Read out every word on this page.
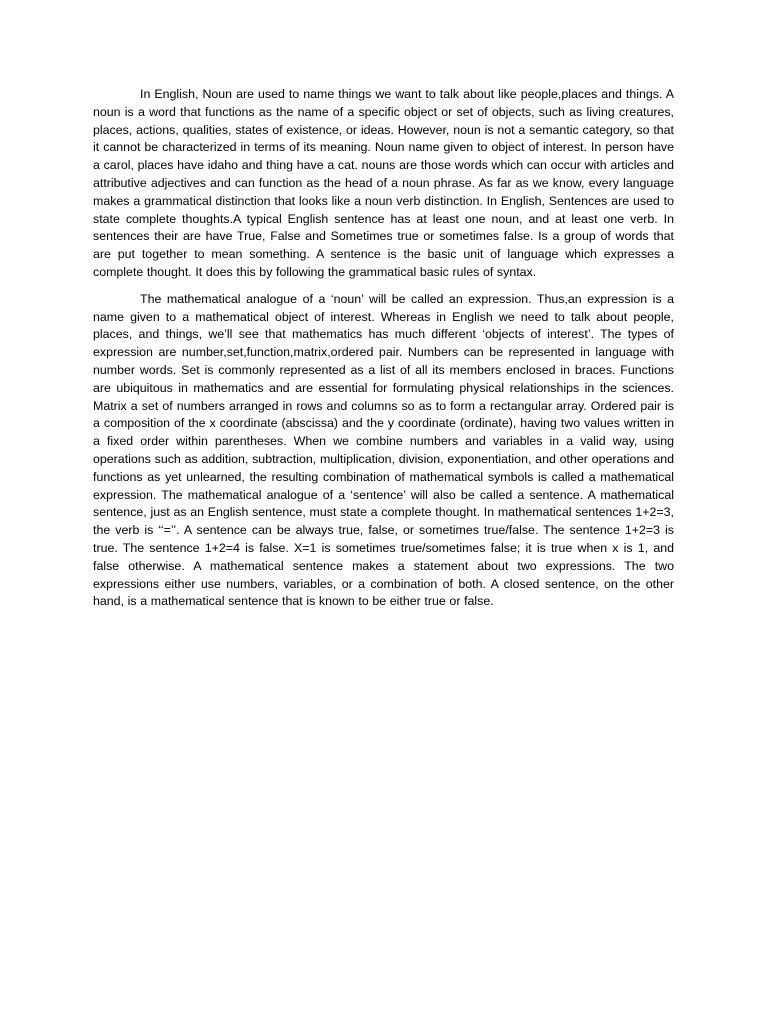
In English, Noun are used to name things we want to talk about like people,places and things. A noun is a word that functions as the name of a specific object or set of objects, such as living creatures, places, actions, qualities, states of existence, or ideas. However, noun is not a semantic category, so that it cannot be characterized in terms of its meaning. Noun name given to object of interest. In person have a carol, places have idaho and thing have a cat. nouns are those words which can occur with articles and attributive adjectives and can function as the head of a noun phrase. As far as we know, every language makes a grammatical distinction that looks like a noun verb distinction. In English, Sentences are used to state complete thoughts.A typical English sentence has at least one noun, and at least one verb. In sentences their are have True, False and Sometimes true or sometimes false. Is a group of words that are put together to mean something. A sentence is the basic unit of language which expresses a complete thought. It does this by following the grammatical basic rules of syntax.

The mathematical analogue of a ‘noun’ will be called an expression. Thus,an expression is a name given to a mathematical object of interest. Whereas in English we need to talk about people, places, and things, we’ll see that mathematics has much different ‘objects of interest’. The types of expression are number,set,function,matrix,ordered pair. Numbers can be represented in language with number words. Set is commonly represented as a list of all its members enclosed in braces. Functions are ubiquitous in mathematics and are essential for formulating physical relationships in the sciences. Matrix a set of numbers arranged in rows and columns so as to form a rectangular array. Ordered pair is a composition of the x coordinate (abscissa) and the y coordinate (ordinate), having two values written in a fixed order within parentheses. When we combine numbers and variables in a valid way, using operations such as addition, subtraction, multiplication, division, exponentiation, and other operations and functions as yet unlearned, the resulting combination of mathematical symbols is called a mathematical expression. The mathematical analogue of a ‘sentence’ will also be called a sentence. A mathematical sentence, just as an English sentence, must state a complete thought. In mathematical sentences 1+2=3, the verb is ‘‘=’’. A sentence can be always true, false, or sometimes true/false. The sentence 1+2=3 is true. The sentence 1+2=4 is false. X=1 is sometimes true/sometimes false; it is true when x is 1, and false otherwise. A mathematical sentence makes a statement about two expressions. The two expressions either use numbers, variables, or a combination of both. A closed sentence, on the other hand, is a mathematical sentence that is known to be either true or false.
